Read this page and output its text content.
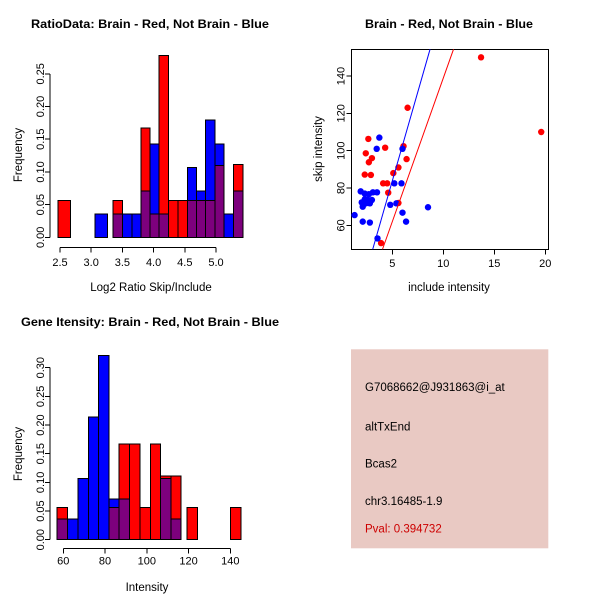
RatioData: Brain - Red, Not Brain - Blue
Log2 Ratio Skip/Include
Frequency
0.00
0.05
0.10
0.15
0.20
0.25
2.5 3.0 3.5 4.0 4.5 5.0
Brain - Red, Not Brain - Blue
include intensity
skip intensity
5	10	15	20
60
80
100
120
140
Gene Itensity: Brain - Red, Not Brain - Blue
Intensity
Frequency
0.00
0.05
0.10
0.15
0.20
0.25
0.30
60	80 100 120 140
G7068662@J931863@i_at
altTxEnd
Bcas2
chr3.16485-1.9
Pval: 0.394732
